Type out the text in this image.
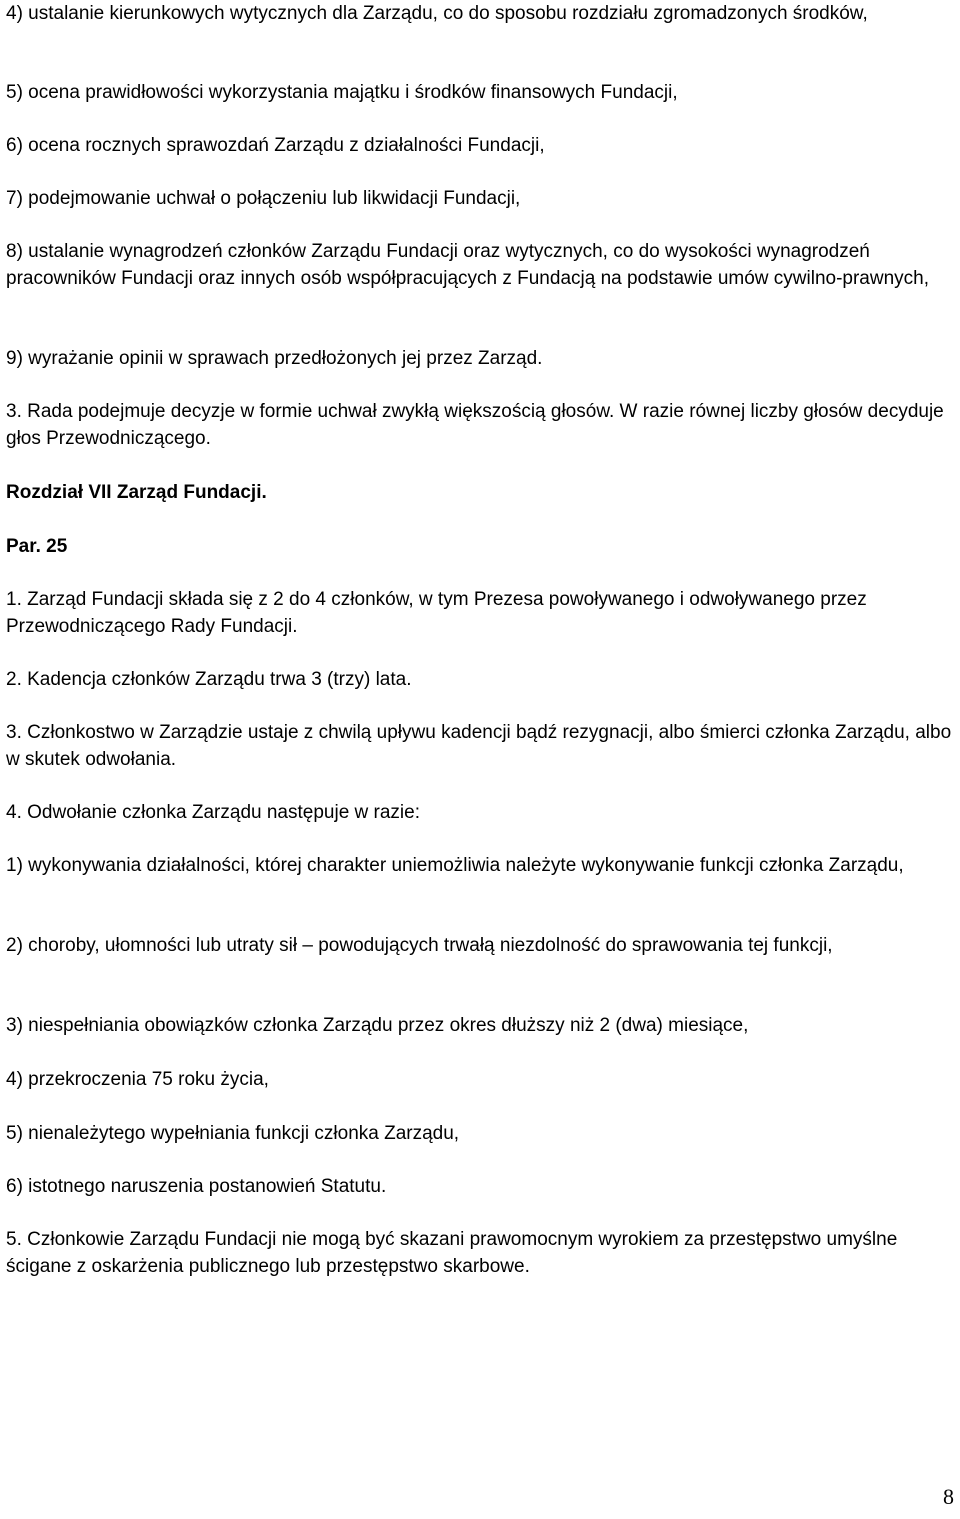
4) ustalanie kierunkowych wytycznych dla Zarządu, co do sposobu rozdziału zgromadzonych środków,

5) ocena prawidłowości wykorzystania majątku i środków finansowych Fundacji,

6) ocena rocznych sprawozdań Zarządu z działalności Fundacji,

7) podejmowanie uchwał o połączeniu lub likwidacji Fundacji,

8) ustalanie wynagrodzeń członków Zarządu Fundacji oraz wytycznych, co do wysokości wynagrodzeń pracowników Fundacji oraz innych osób współpracujących z Fundacją na podstawie umów cywilno-prawnych,

9) wyrażanie opinii w sprawach przedłożonych jej przez Zarząd.

3. Rada podejmuje decyzje w formie uchwał zwykłą większością głosów. W razie równej liczby głosów decyduje głos Przewodniczącego.

Rozdział VII Zarząd Fundacji.

Par. 25

1. Zarząd Fundacji składa się z 2 do 4 członków, w tym Prezesa powoływanego i odwoływanego przez Przewodniczącego Rady Fundacji.

2. Kadencja członków Zarządu trwa 3 (trzy) lata.

3. Członkostwo w Zarządzie ustaje z chwilą upływu kadencji bądź rezygnacji, albo śmierci członka Zarządu, albo w skutek odwołania.

4. Odwołanie członka Zarządu następuje w razie:

1) wykonywania działalności, której charakter uniemożliwia należyte wykonywanie funkcji członka Zarządu,

2) choroby, ułomności lub utraty sił – powodujących trwałą niezdolność do sprawowania tej funkcji,

3) niespełniania obowiązków członka Zarządu przez okres dłuższy niż 2 (dwa) miesiące,

4) przekroczenia 75 roku życia,

5) nienależytego wypełniania funkcji członka Zarządu,

6) istotnego naruszenia postanowień Statutu.

5. Członkowie Zarządu Fundacji nie mogą być skazani prawomocnym wyrokiem za przestępstwo umyślne ścigane z oskarżenia publicznego lub przestępstwo skarbowe.

8
